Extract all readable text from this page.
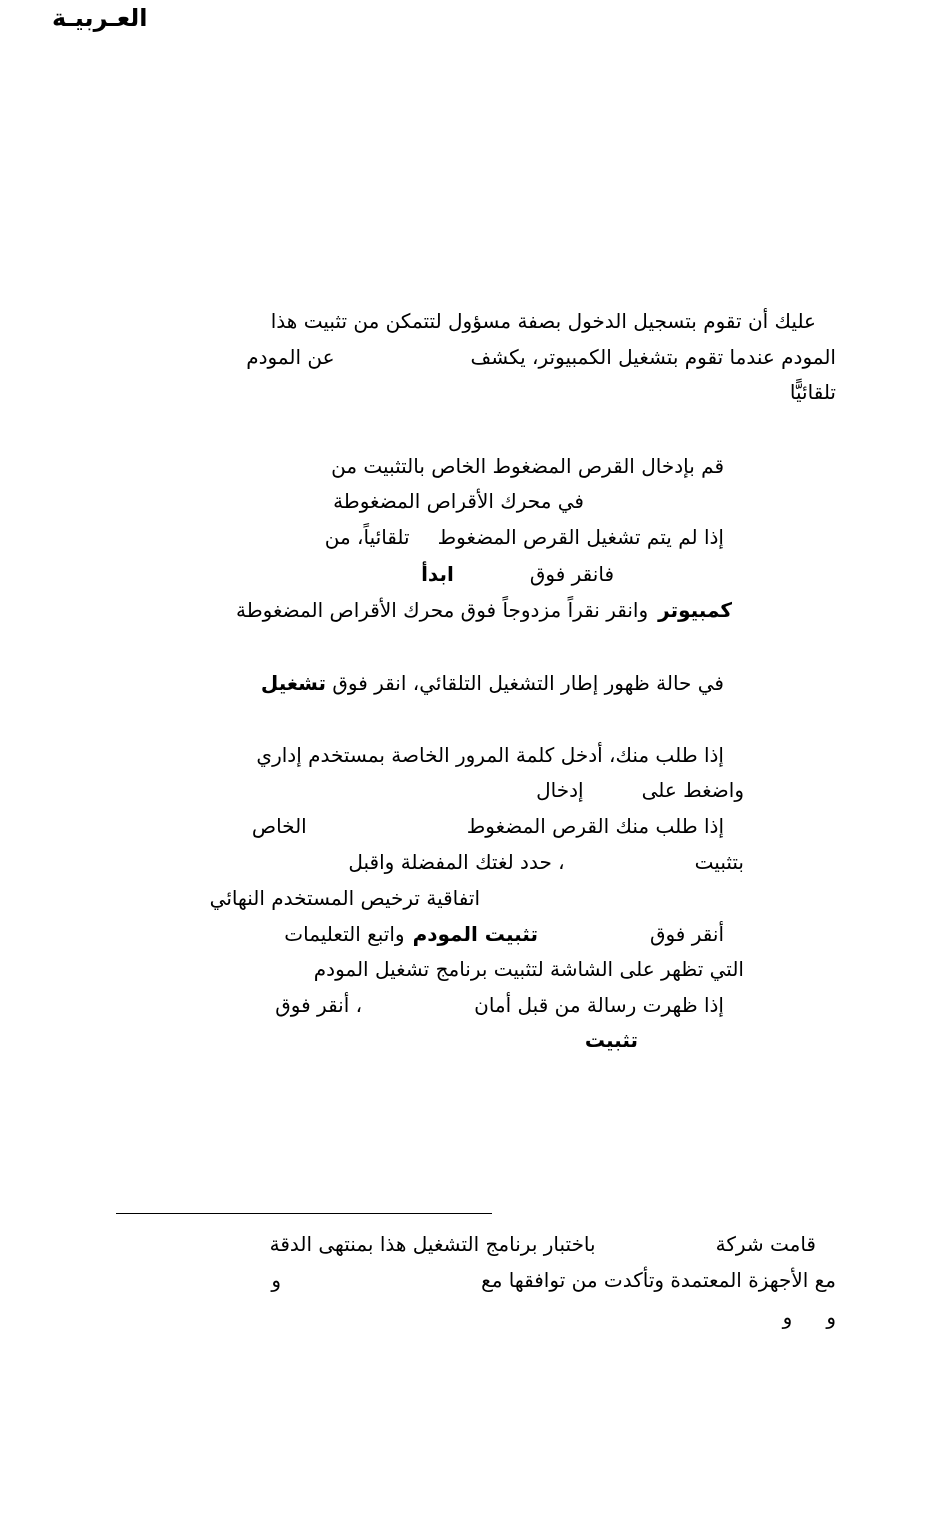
العـربيـة
عليك أن تقوم بتسجيل الدخول بصفة مسؤول لتتمكن من تثبيت هذا
المودم عندما تقوم بتشغيل الكمبيوتر، يكشفعن المودم
تلقائيًّا
قم بإدخال القرص المضغوط الخاص بالتثبيت من
في محرك الأقراص المضغوطة
إذا لم يتم تشغيل القرص المضغوطتلقائياً، من
فانقر فوقابدأ
كمبيوتروانقر نقراً مزدوجاً فوق محرك الأقراص المضغوطة
في حالة ظهور إطار التشغيل التلقائي، انقر فوق تشغيل
إذا طلب منك، أدخل كلمة المرور الخاصة بمستخدم إداري
واضغط علىإدخال
إذا طلب منك القرص المضغوطالخاص
بتثبيت، حدد لغتك المفضلة واقبل
اتفاقية ترخيص المستخدم النهائي
أنقر فوقتثبيت المودمواتبع التعليمات
التي تظهر على الشاشة لتثبيت برنامج تشغيل المودم
إذا ظهرت رسالة من قبل أمان، أنقر فوق
تثبيت
قامت شركةباختبار برنامج التشغيل هذا بمنتهى الدقة
مع الأجهزة المعتمدة وتأكدت من توافقها معو
وو
